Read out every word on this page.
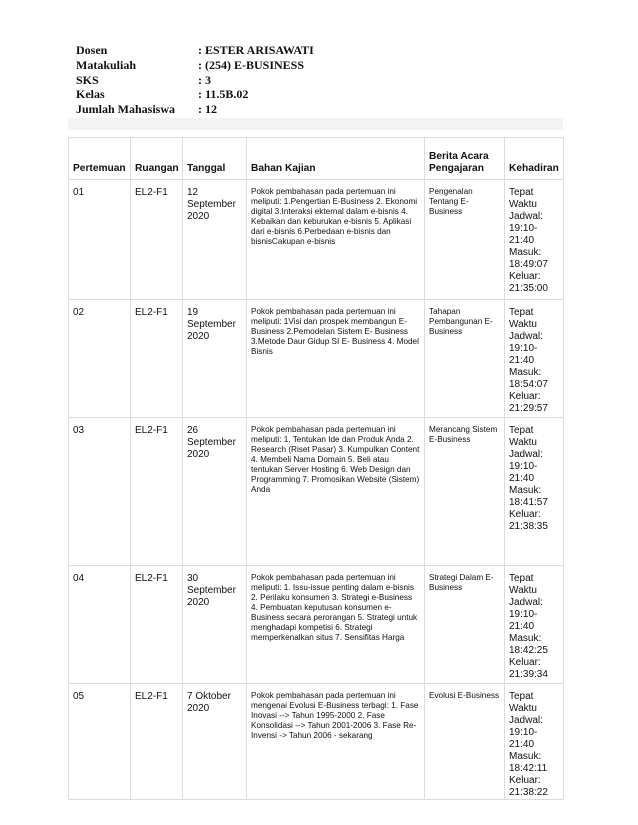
Dosen	: ESTER ARISAWATI
Matakuliah	: (254) E-BUSINESS
SKS	: 3
Kelas	: 11.5B.02
Jumlah Mahasiswa	: 12
Pertemuan	Ruangan	Tanggal	Bahan Kajian	Berita Acara Pengajaran	Kehadiran
01	EL2-F1	12 September 2020	Pokok pembahasan pada pertemuan ini meliputi: 1.Pengertian E-Business 2. Ekonomi digital 3.Interaksi ekternal dalam e-bisnis 4. Kebaikan dan keburukan e-bisnis 5. Aplikasi dari e-bisnis 6.Perbedaan e-bisnis dan bisnisCakupan e-bisnis	Pengenalan Tentang E-Business	Tepat Waktu Jadwal: 19:10-21:40 Masuk: 18:49:07 Keluar: 21:35:00
02	EL2-F1	19 September 2020	Pokok pembahasan pada pertemuan ini meliputi: 1Visi dan prospek membangun E- Business 2.Pemodelan Sistem E- Business 3.Metode Daur Gidup SI E- Business 4. Model Bisnis	Tahapan Pembangunan E-Business	Tepat Waktu Jadwal: 19:10-21:40 Masuk: 18:54:07 Keluar: 21:29:57
03	EL2-F1	26 September 2020	Pokok pembahasan pada pertemuan ini meliputi: 1. Tentukan Ide dan Produk Anda 2. Research (Riset Pasar) 3. Kumpulkan Content 4. Membeli Nama Domain 5. Beli atau tentukan Server Hosting 6. Web Design dan Programming 7. Promosikan Website (Sistem) Anda	Merancang Sistem E-Business	Tepat Waktu Jadwal: 19:10-21:40 Masuk: 18:41:57 Keluar: 21:38:35
04	EL2-F1	30 September 2020	Pokok pembahasan pada pertemuan ini meliputi: 1. Issu-issue penting dalam e-bisnis 2. Perilaku konsumen 3. Strategi e-Business 4. Pembuatan keputusan konsumen e-Business secara perorangan 5. Strategi untuk menghadapi kompetisi 6. Strategi memperkenalkan situs 7. Sensifitas Harga	Strategi Dalam E-Business	Tepat Waktu Jadwal: 19:10-21:40 Masuk: 18:42:25 Keluar: 21:39:34
05	EL2-F1	7 Oktober 2020	Pokok pembahasan pada pertemuan ini mengenai Evolusi E-Business terbagi: 1. Fase Inovasi --> Tahun 1995-2000 2. Fase Konsolidasi --> Tahun 2001-2006 3. Fase Re-Invensi -> Tahun 2006 - sekarang	Evolusi E-Business	Tepat Waktu Jadwal: 19:10-21:40 Masuk: 18:42:11 Keluar: 21:38:22
